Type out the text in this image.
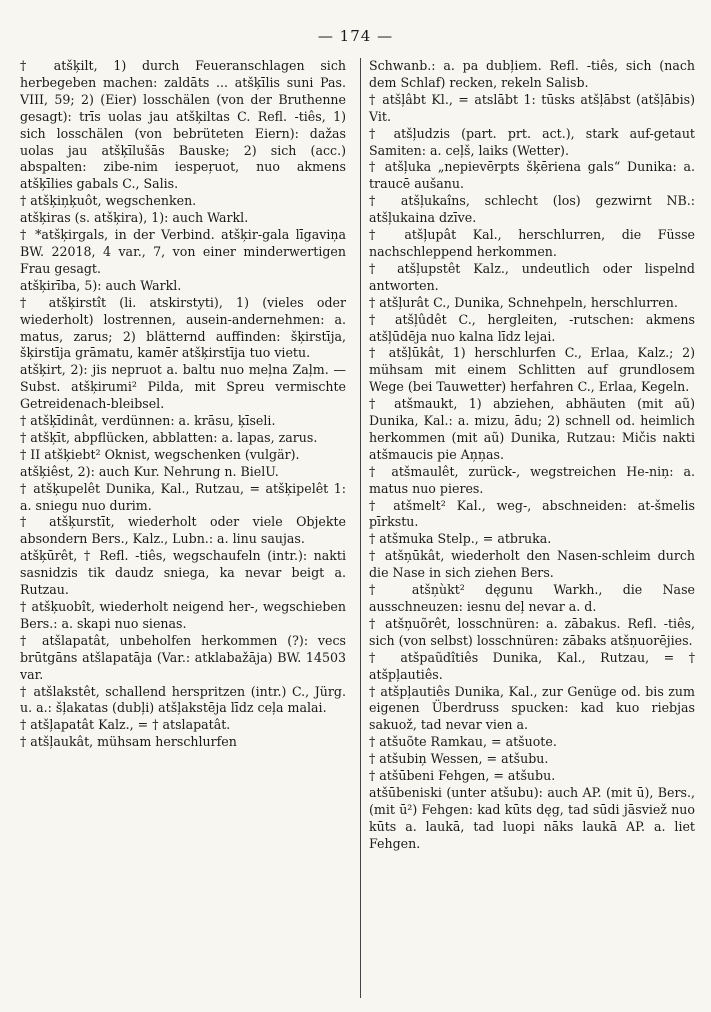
— 174 —

† atšķilt, 1) durch Feueranschlagen sich herbegeben machen: zaldāts ... atšķīlis suni Pas. VIII, 59; 2) (Eier) losschälen (von der Bruthenne gesagt): trīs uolas jau atšķiltas C. Refl. -tiês, 1) sich losschälen (von bebrüteten Eiern): dažas uolas jau atšķīlušās Bauske; 2) sich (acc.) abspalten: zibe-nim iespeŗuot, nuo akmens atšķīlies gabals C., Salis.

† atšķiņķuôt, wegschenken.

atšķiras (s. atšķira), 1): auch Warkl.

† *atšķirgals, in der Verbind. atšķir-gala līgaviņa BW. 22018, 4 var., 7, von einer minderwertigen Frau gesagt.

atšķirība, 5): auch Warkl.

† atšķirstît (li. atskirstyti), 1) (vieles oder wiederholt) lostrennen, ausein-andernehmen: a. matus, zarus; 2) blätternd auffinden: šķirstīja, šķirstīja grāmatu, kamēr atšķirstīja tuo vietu.

atšķirt, 2): jis nepruot a. baltu nuo meļna Zaļm. — Subst. atšķirumi² Pilda, mit Spreu vermischte Getreidenach-bleibsel.

† atšķīdinât, verdünnen: a. krāsu, ķīseli.

† atšķīt, abpflücken, abblatten: a. lapas, zarus.

† II atšķiebt² Oknist, wegschenken (vulgär).

atšķiêst, 2): auch Kur. Nehrung n. BielU.

† atšķupelêt Dunika, Kal., Rutzau, = atšķipelêt 1: a. sniegu nuo durim.

† atšķurstīt, wiederholt oder viele Objekte absondern Bers., Kalz., Lubn.: a. linu saujas.

atšķūrêt, † Refl. -tiês, wegschaufeln (intr.): nakti sasnidzis tik daudz sniega, ka nevar beigt a. Rutzau.

† atšķuobît, wiederholt neigend her-, wegschieben Bers.: a. skapi nuo sienas.

† atšlapatât, unbeholfen herkommen (?): vecs brūtgāns atšlapatāja (Var.: atklabažāja) BW. 14503 var.

† atšlakstêt, schallend herspritzen (intr.) C., Jürg. u. a.: šļakatas (dubļi) atšļakstēja līdz ceļa malai.

† atšļapatât Kalz., = † atslapatât.

† atšļaukât, mühsam herschlurfen

Schwanb.: a. pa dubļiem. Refl. -tiês, sich (nach dem Schlaf) recken, rekeln Salisb.

† atšļâbt Kl., = atslābt 1: tūsks atšļābst (atšļābis) Vit.

† atšļudzis (part. prt. act.), stark auf-getaut Samiten: a. ceļš, laiks (Wetter).

† atšļuka „nepievērpts šķēriena gals“ Dunika: a. traucē aušanu.

† atšļukaîns, schlecht (los) gezwirnt NB.: atšļukaina dzīve.

† atšļupât Kal., herschlurren, die Füsse nachschleppend herkommen.

† atšļupstêt Kalz., undeutlich oder lispelnd antworten.

† atšļurât C., Dunika, Schnehpeln, herschlurren.

† atšļûdêt C., hergleiten, -rutschen: akmens atšļūdēja nuo kalna līdz lejai.

† atšļūkât, 1) herschlurfen C., Erlaa, Kalz.; 2) mühsam mit einem Schlitten auf grundlosem Wege (bei Tauwetter) herfahren C., Erlaa, Kegeln.

† atšmaukt, 1) abziehen, abhäuten (mit aũ) Dunika, Kal.: a. mizu, ādu; 2) schnell od. heimlich herkommen (mit aũ) Dunika, Rutzau: Mičis nakti atšmaucis pie Aņņas.

† atšmaulêt, zurück-, wegstreichen He-niņ: a. matus nuo pieres.

† atšmelt² Kal., weg-, abschneiden: at-šmelis pīrkstu.

† atšmuka Stelp., = atbruka.

† atšņūkât, wiederholt den Nasen-schleim durch die Nase in sich ziehen Bers.

† atšņùkt² dęgunu Warkh., die Nase ausschneuzen: iesnu deļ nevar a. d.

† atšņuõrêt, losschnüren: a. zābakus. Refl. -tiês, sich (von selbst) losschnüren: zābaks atšņuorējies.

† atšpaũdîtiês Dunika, Kal., Rutzau, = † atšpļautiês.

† atšpļautiês Dunika, Kal., zur Genüge od. bis zum eigenen Überdruss spucken: kad kuo riebjas sakuož, tad nevar vien a.

† atšuõte Ramkau, = atšuote.

† atšubiņ Wessen, = atšubu.

† atšūbeni Fehgen, = atšubu.

atšūbeniski (unter atšubu): auch AP. (mit ū), Bers., (mit ū²) Fehgen: kad kūts dęg, tad sūdi jāsviež nuo kūts a. laukā, tad luopi nāks laukā AP. a. liet Fehgen.
